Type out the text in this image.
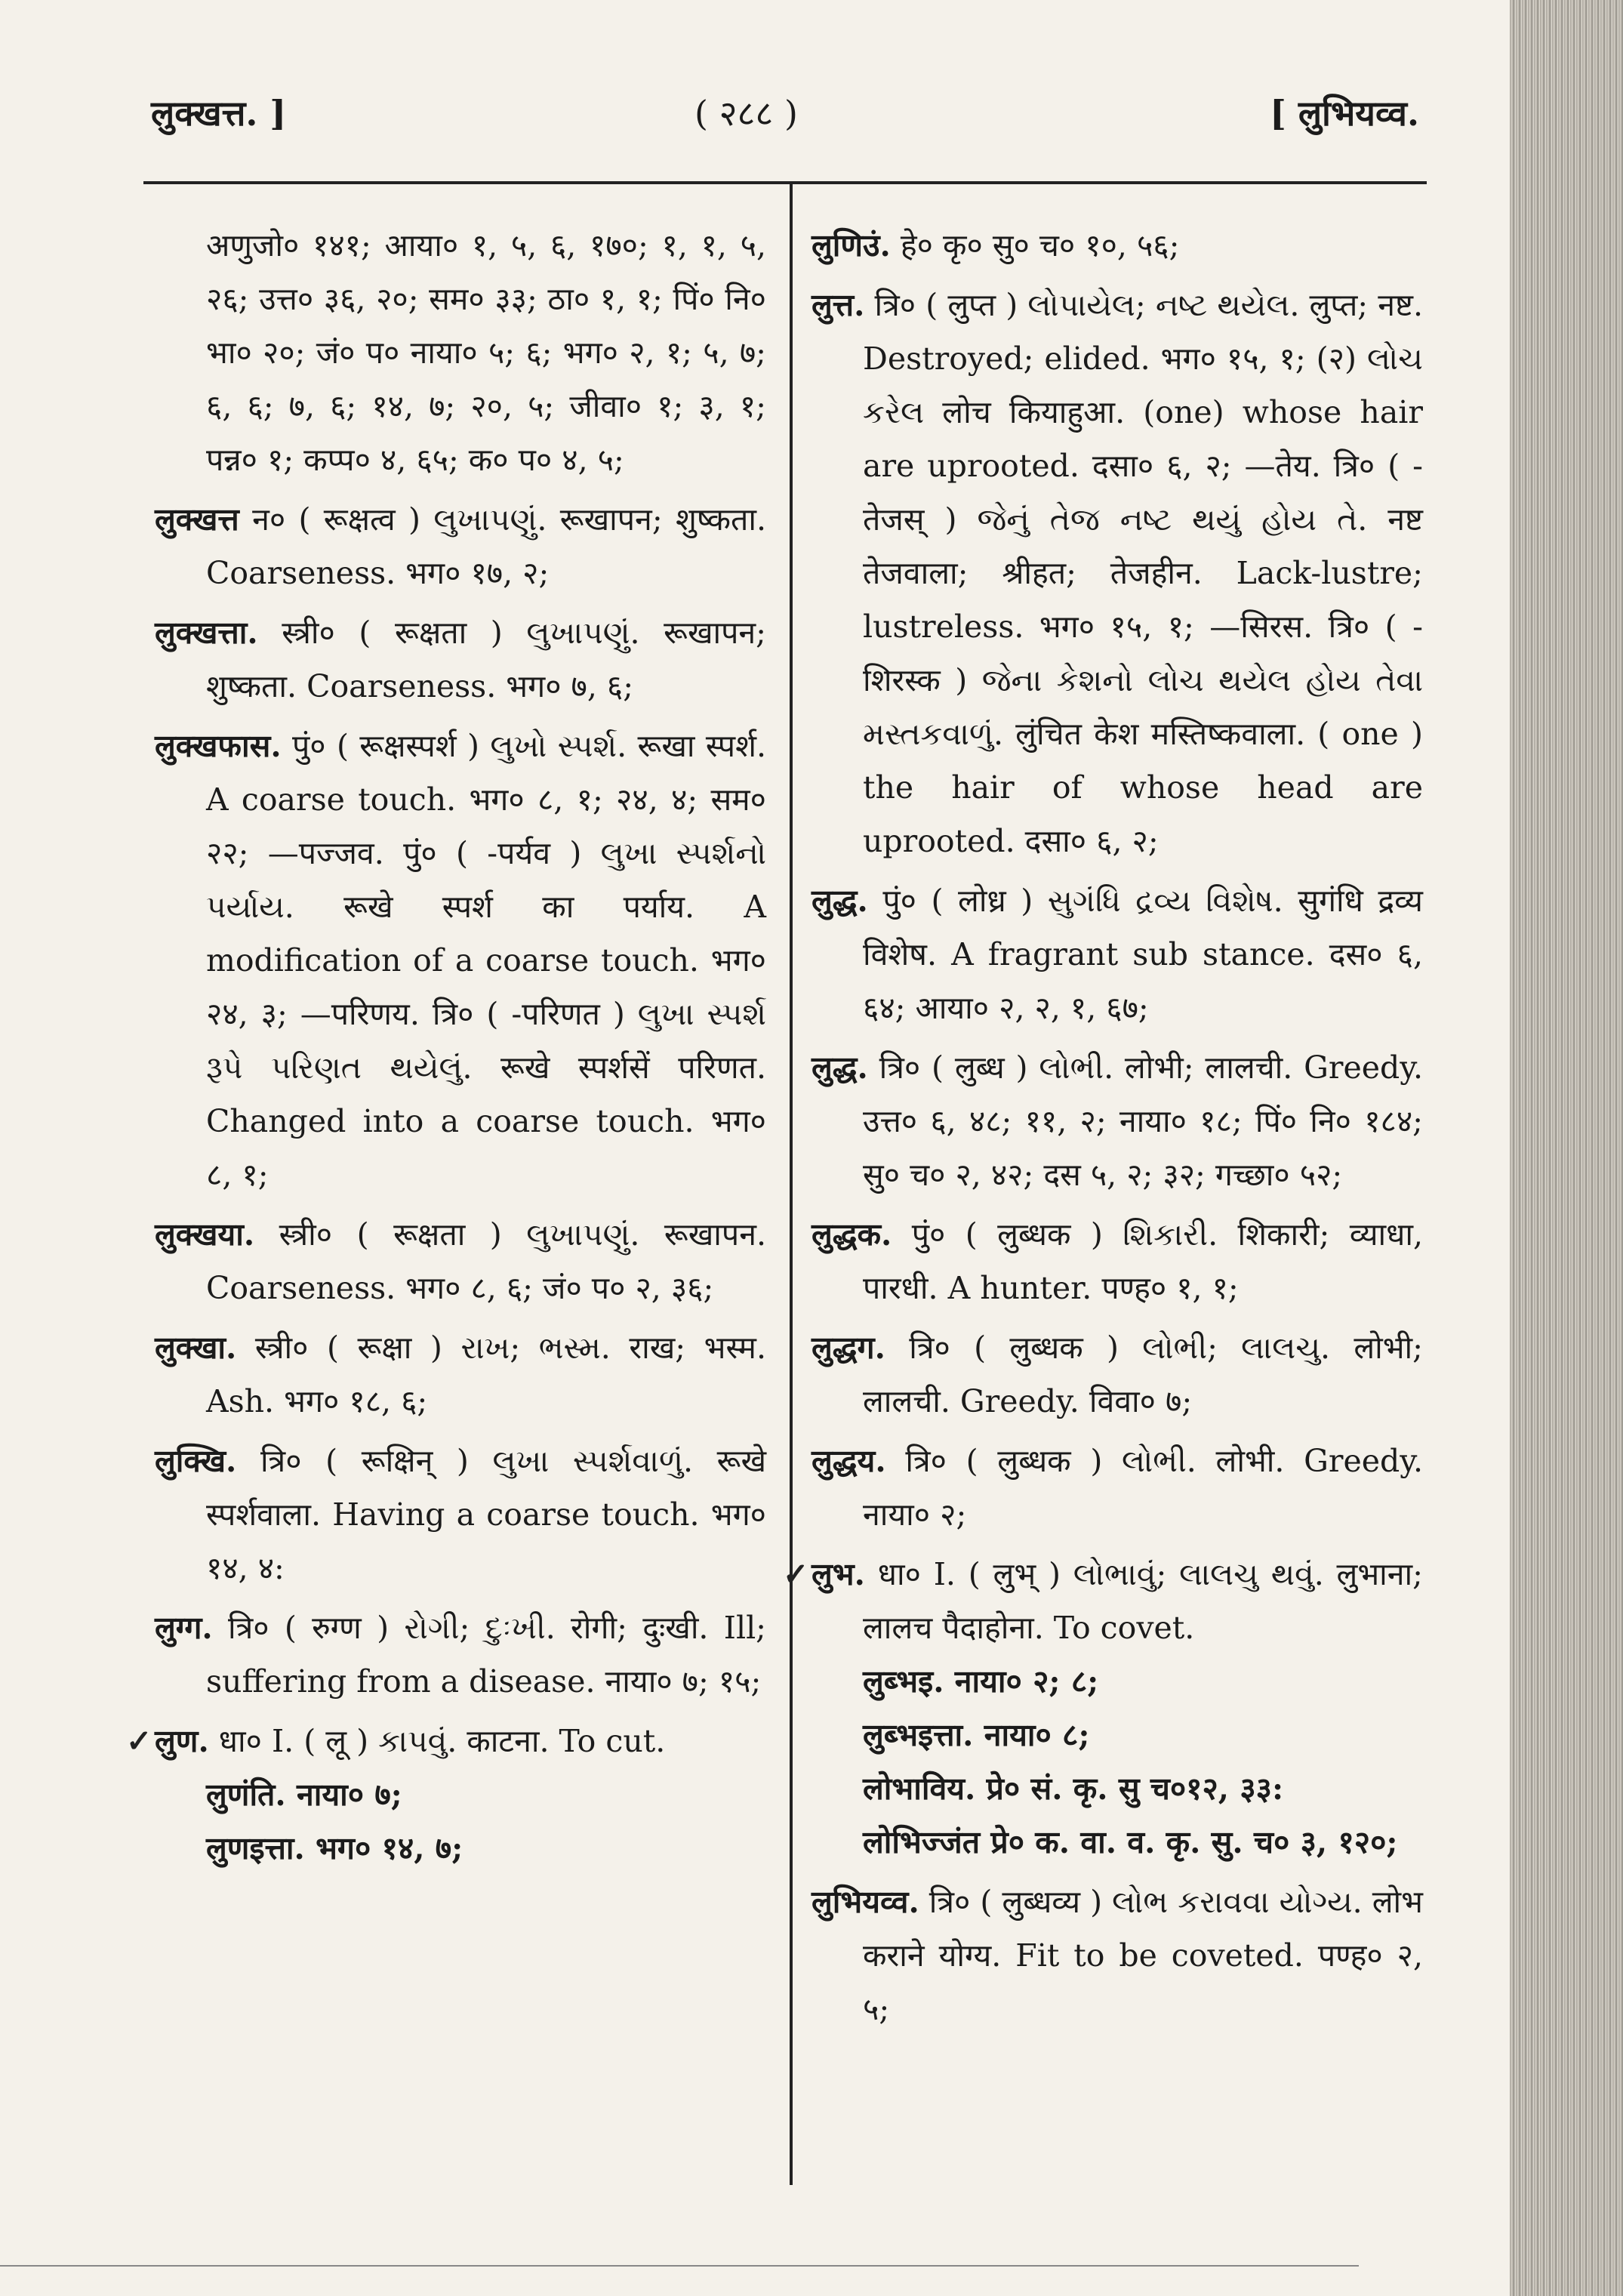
लुक्खत्त. ]	( २८८ )	[ लुभियव्व.

अणुजो० १४१; आया० १, ५, ६, १७०; १, १, ५, २६; उत्त० ३६, २०; सम० ३३; ठा० १, १; पिं० नि० भा० २०; जं० प० नाया० ५; ६; भग० २, १; ५, ७; ६, ६; ७, ६; १४, ७; २०, ५; जीवा० १; ३, १; पन्न० १; कप्प० ४, ६५; क० प० ४, ५;

लुक्खत्त न० ( रूक्षत्व ) લુખાપણું. रूखापन; शुष्कता. Coarseness. भग० १७, २;

लुक्खत्ता. स्त्री० ( रूक्षता ) લુખાપણું. रूखापन; शुष्कता. Coarseness. भग० ७, ६;

लुक्खफास. पुं० ( रूक्षस्पर्श ) લુખો સ્પર્શ. रूखा स्पर्श. A coarse touch. भग० ८, १; २४, ४; सम० २२; —पज्जव. पुं० ( -पर्यव ) લુખા સ્પર્શનો પર્યાય. रूखे स्पर्श का पर्याय. A modification of a coarse touch. भग० २४, ३; —परिणय. त्रि० ( -परिणत ) લુખા સ્પર્શ રૂપે પરિણત થયેલું. रूखे स्पर्शसें परिणत. Changed into a coarse touch. भग० ८, १;

लुक्खया. स्त्री० ( रूक्षता ) લુખાપણું. रूखापन. Coarseness. भग० ८, ६; जं० प० २, ३६;

लुक्खा. स्त्री० ( रूक्षा ) રાખ; ભસ્મ. राख; भस्म. Ash. भग० १८, ६;

लुक्खि. त्रि० ( रूक्षिन् ) લુખા સ્પર્શવાળું. रूखे स्पर्शवाला. Having a coarse touch. भग० १४, ४:

लुग्ग. त्रि० ( रुग्ण ) રોગી; દુઃખી. रोगी; दुःखी. Ill; suffering from a disease. नाया० ७; १५;

✓ लुण. धा० I. ( लू ) કાપવું. काटना. To cut.

लुणंति. नाया० ७;

लुणइत्ता. भग० १४, ७;

लुणिउं. हे० कृ० सु० च० १०, ५६;

लुत्त. त्रि० ( लुप्त ) લોપાયેલ; નષ્ટ થયેલ. लुप्त; नष्ट. Destroyed; elided. भग० १५, १; (२) લોચ કરેલ लोच कियाहुआ. (one) whose hair are uprooted. दसा० ६, २; —तेय. त्रि० ( -तेजस् ) જેનું તેજ નષ્ટ થયું હોય તે. नष्ट तेजवाला; श्रीहत; तेजहीन. Lack-lustre; lustreless. भग० १५, १; —सिरस. त्रि० ( -शिरस्क ) જેના કેશનો લોચ થયેલ હોય તેવા મસ્તકવાળું. लुंचित केश मस्तिष्कवाला. ( one ) the hair of whose head are uprooted. दसा० ६, २;

लुद्ध. पुं० ( लोध्र ) સુગંધિ દ્રવ્ય વિશેષ. सुगंधि द्रव्य विशेष. A fragrant sub stance. दस० ६, ६४; आया० २, २, १, ६७;

लुद्ध. त्रि० ( लुब्ध ) લોભી. लोभी; लालची. Greedy. उत्त० ६, ४८; ११, २; नाया० १८; पिं० नि० १८४; सु० च० २, ४२; दस ५, २; ३२; गच्छा० ५२;

लुद्धक. पुं० ( लुब्धक ) શિકારી. शिकारी; व्याधा, पारधी. A hunter. पण्ह० १, १;

लुद्धग. त्रि० ( लुब्धक ) લોભી; લાલચુ. लोभी; लालची. Greedy. विवा० ७;

लुद्धय. त्रि० ( लुब्धक ) લોભી. लोभी. Greedy. नाया० २;

✓ लुभ. धा० I. ( लुभ् ) લોભાવું; લાલચુ થવું. लुभाना; लालच पैदाहोना. To covet.

लुब्भइ. नाया० २; ८;

लुब्भइत्ता. नाया० ८;

लोभाविय. प्रे० सं. कृ. सु च०१२, ३३:

लोभिज्जंत प्रे० क. वा. व. कृ. सु. च० ३, १२०;

लुभियव्व. त्रि० ( लुब्धव्य ) લોભ કરાવવા યોગ્ય. लोभ कराने योग्य. Fit to be coveted. पण्ह० २, ५;
